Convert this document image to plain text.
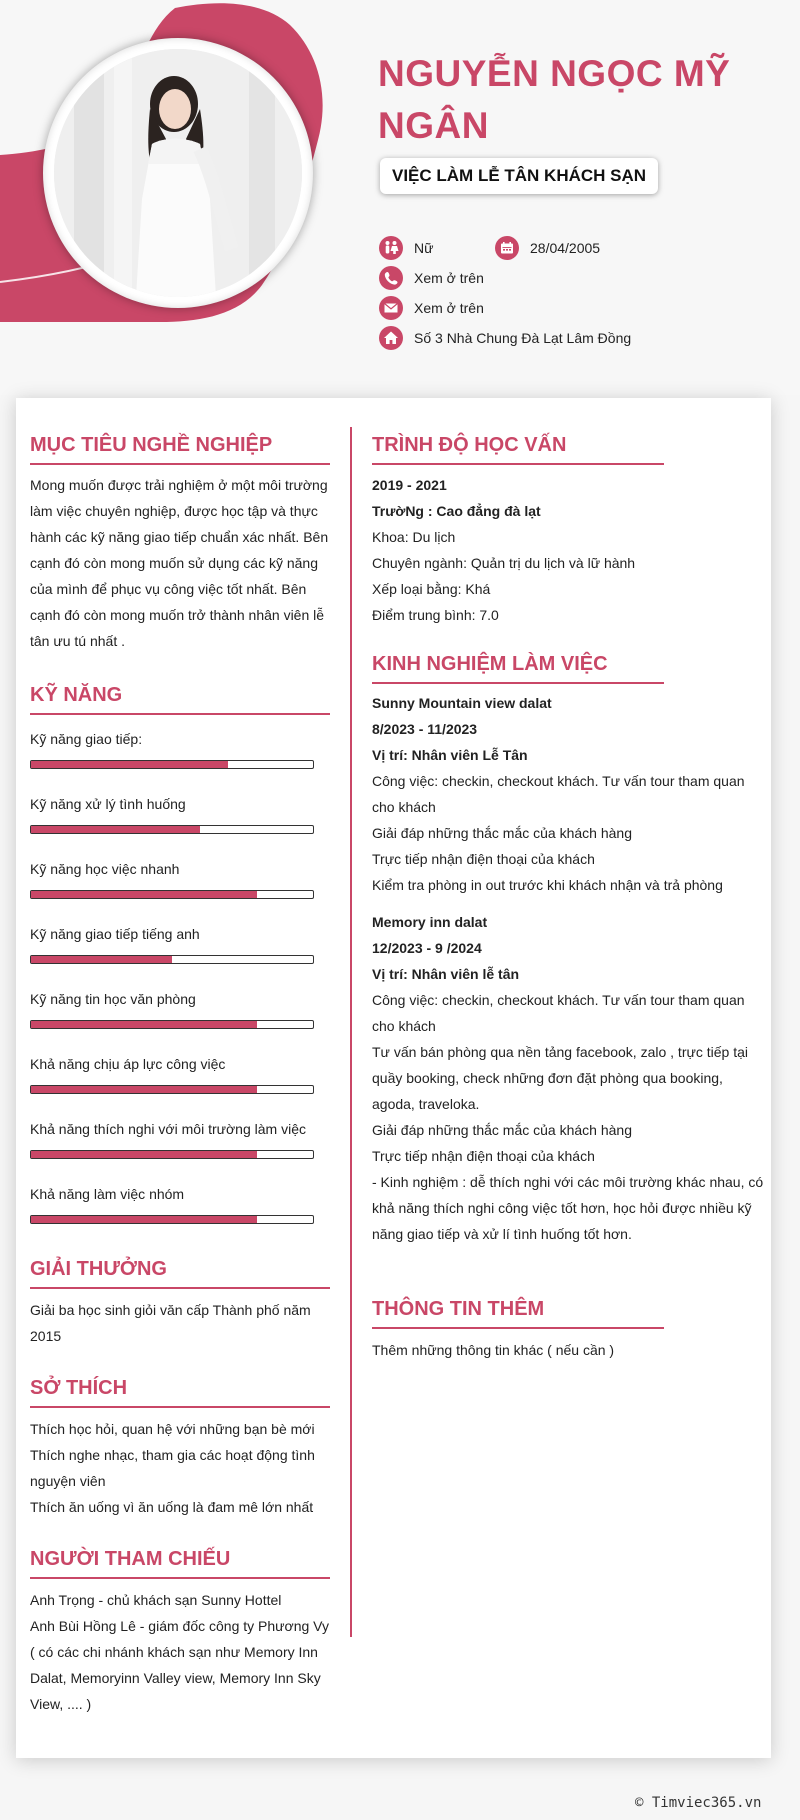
NGUYỄN NGỌC MỸ NGÂN
VIỆC LÀM LỄ TÂN KHÁCH SẠN
Nữ	28/04/2005
Xem ở trên
Xem ở trên
Số 3 Nhà Chung Đà Lạt Lâm Đồng
MỤC TIÊU NGHỀ NGHIỆP
Mong muốn được trải nghiệm ở một môi trường
làm việc chuyên nghiệp, được học tập và thực
hành các kỹ năng giao tiếp chuẩn xác nhất. Bên
cạnh đó còn mong muốn sử dụng các kỹ năng
của mình để phục vụ công việc tốt nhất. Bên
cạnh đó còn mong muốn trở thành nhân viên lễ
tân ưu tú nhất .
KỸ NĂNG
Kỹ năng giao tiếp:
Kỹ năng xử lý tình huống
Kỹ năng học việc nhanh
Kỹ năng giao tiếp tiếng anh
Kỹ năng tin học văn phòng
Khả năng chịu áp lực công việc
Khả năng thích nghi với môi trường làm việc
Khả năng làm việc nhóm
GIẢI THƯỞNG
Giải ba học sinh giỏi văn cấp Thành phố năm
2015
SỞ THÍCH
Thích học hỏi, quan hệ với những bạn bè mới
Thích nghe nhạc, tham gia các hoạt động tình
nguyện viên
Thích ăn uống vì ăn uống là đam mê lớn nhất
NGƯỜI THAM CHIẾU
Anh Trọng - chủ khách sạn Sunny Hottel
Anh Bùi Hồng Lê - giám đốc công ty Phương Vy
( có các chi nhánh khách sạn như Memory Inn
Dalat, Memoryinn Valley view, Memory Inn Sky
View, .... )
TRÌNH ĐỘ HỌC VẤN
2019 - 2021
TrườNg : Cao đẳng đà lạt
Khoa: Du lịch
Chuyên ngành: Quản trị du lịch và lữ hành
Xếp loại bằng: Khá
Điểm trung bình: 7.0
KINH NGHIỆM LÀM VIỆC
Sunny Mountain view dalat
8/2023 - 11/2023
Vị trí: Nhân viên Lễ Tân
Công việc: checkin, checkout khách. Tư vấn tour tham quan
cho khách
Giải đáp những thắc mắc của khách hàng
Trực tiếp nhận điện thoại của khách
Kiểm tra phòng in out trước khi khách nhận và trả phòng
Memory inn dalat
12/2023 - 9 /2024
Vị trí: Nhân viên lễ tân
Công việc: checkin, checkout khách. Tư vấn tour tham quan
cho khách
Tư vấn bán phòng qua nền tảng facebook, zalo , trực tiếp tại
quầy booking, check những đơn đặt phòng qua booking,
agoda, traveloka.
Giải đáp những thắc mắc của khách hàng
Trực tiếp nhận điện thoại của khách
- Kinh nghiệm : dễ thích nghi với các môi trường khác nhau, có
khả năng thích nghi công việc tốt hơn, học hỏi được nhiều kỹ
năng giao tiếp và xử lí tình huống tốt hơn.
THÔNG TIN THÊM
Thêm những thông tin khác ( nếu cần )
© Timviec365.vn
